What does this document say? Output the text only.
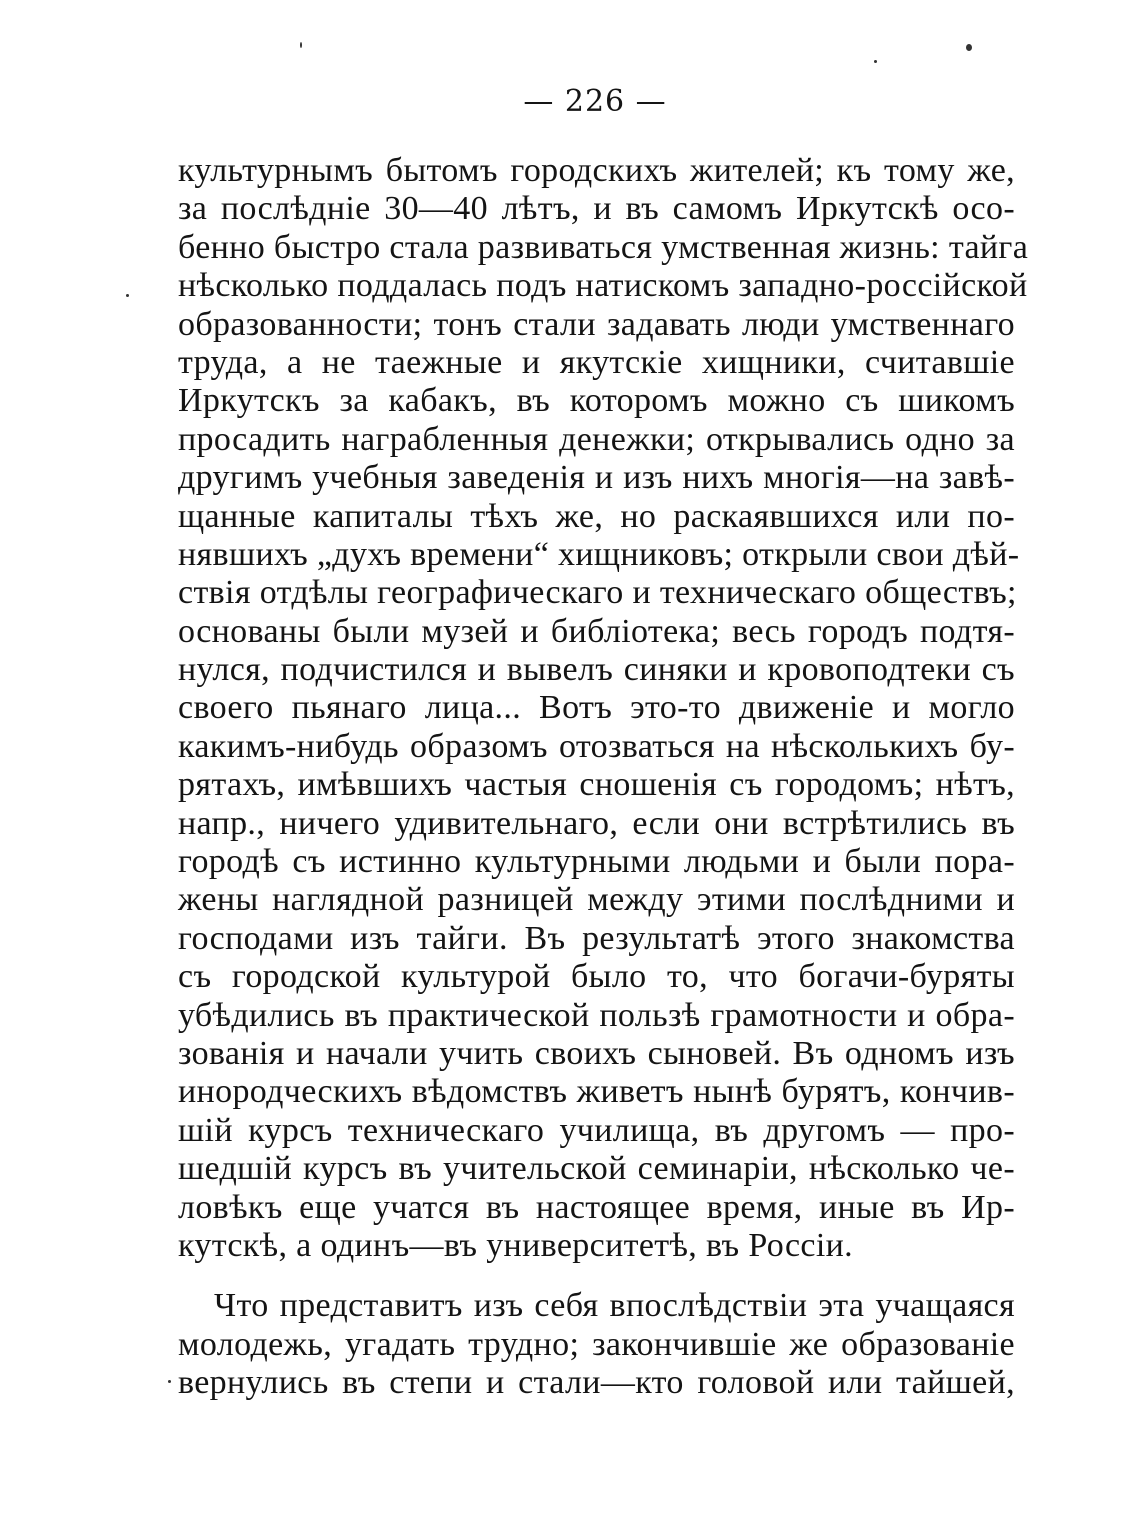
— 226 —
культурнымъ бытомъ городскихъ жителей; къ тому же,
за послѣдніе 30—40 лѣтъ, и въ самомъ Иркутскѣ осо-
бенно быстро стала развиваться умственная жизнь: тайга
нѣсколько поддалась подъ натискомъ западно-россійской
образованности; тонъ стали задавать люди умственнаго
труда, а не таежные и якутскіе хищники, считавшіе
Иркутскъ за кабакъ, въ которомъ можно съ шикомъ
просадить награбленныя денежки; открывались одно за
другимъ учебныя заведенія и изъ нихъ многія—на завѣ-
щанные капиталы тѣхъ же, но раскаявшихся или по-
нявшихъ „духъ времени“ хищниковъ; открыли свои дѣй-
ствія отдѣлы географическаго и техническаго обществъ;
основаны были музей и библіотека; весь городъ подтя-
нулся, подчистился и вывелъ синяки и кровоподтеки съ
своего пьянаго лица... Вотъ это-то движеніе и могло
какимъ-нибудь образомъ отозваться на нѣсколькихъ бу-
рятахъ, имѣвшихъ частыя сношенія съ городомъ; нѣтъ,
напр., ничего удивительнаго, если они встрѣтились въ
городѣ съ истинно культурными людьми и были пора-
жены наглядной разницей между этими послѣдними и
господами изъ тайги. Въ результатѣ этого знакомства
съ городской культурой было то, что богачи-буряты
убѣдились въ практической пользѣ грамотности и обра-
зованія и начали учить своихъ сыновей. Въ одномъ изъ
инородческихъ вѣдомствъ живетъ нынѣ бурятъ, кончив-
шій курсъ техническаго училища, въ другомъ — про-
шедшій курсъ въ учительской семинаріи, нѣсколько че-
ловѣкъ еще учатся въ настоящее время, иные въ Ир-
кутскѣ, а одинъ—въ университетѣ, въ Россіи.
Что представитъ изъ себя впослѣдствіи эта учащаяся
молодежь, угадать трудно; закончившіе же образованіе
вернулись въ степи и стали—кто головой или тайшей,
